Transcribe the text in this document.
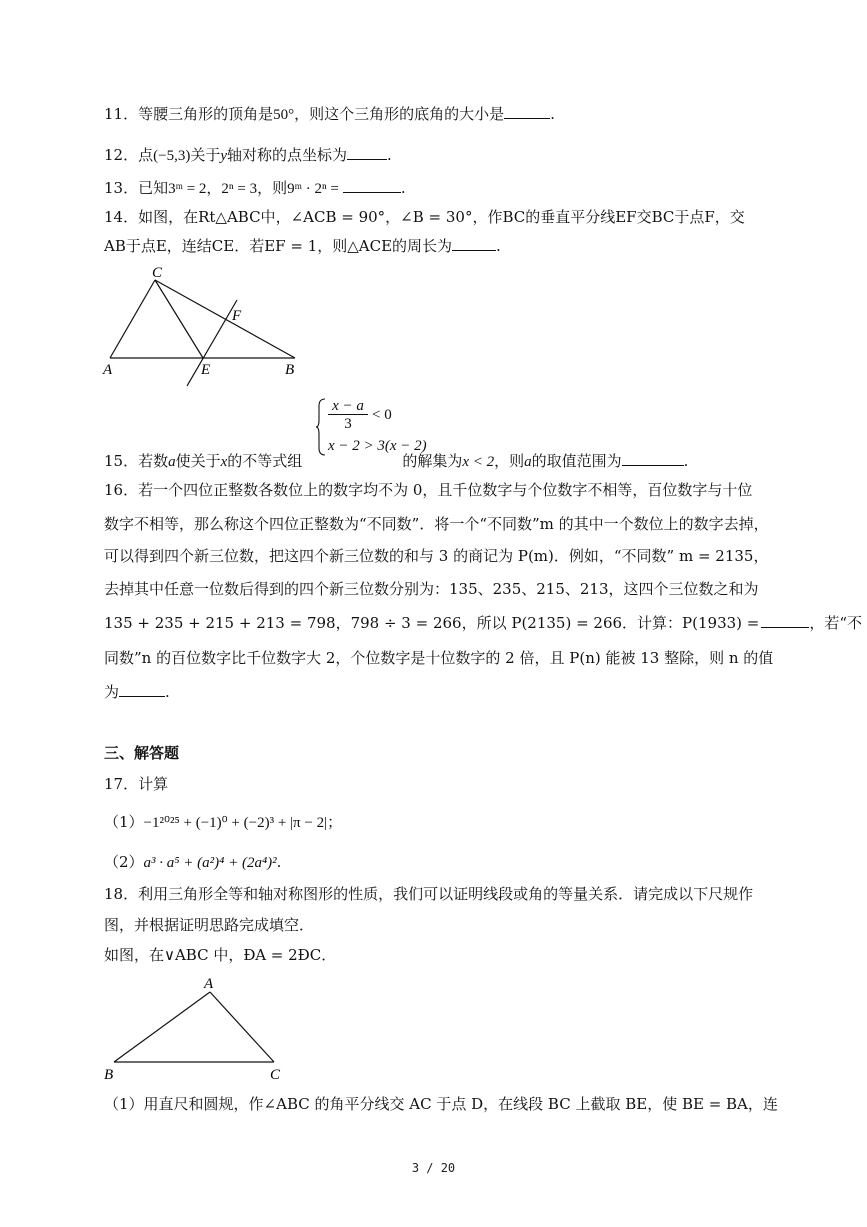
11．等腰三角形的顶角是50°，则这个三角形的底角的大小是	.
12．点(−5,3)关于y轴对称的点坐标为	.
13．已知3ᵐ = 2，2ⁿ = 3，则9ᵐ · 2ⁿ =	.
14．如图，在Rt△ABC中，∠ACB = 90°，∠B = 30°，作BC的垂直平分线EF交BC于点F，交
AB于点E，连结CE．若EF = 1，则△ACE的周长为	.
C
F
A	E	B
x − a
3
< 0
x − 2 > 3(x − 2)
15．若数a使关于x的不等式组	的解集为x < 2，则a的取值范围为	.
16．若一个四位正整数各数位上的数字均不为 0，且千位数字与个位数字不相等，百位数字与十位
数字不相等，那么称这个四位正整数为“不同数”．将一个“不同数”m 的其中一个数位上的数字去掉，
可以得到四个新三位数，把这四个新三位数的和与 3 的商记为 P(m)．例如，“不同数” m = 2135，
去掉其中任意一位数后得到的四个新三位数分别为：135、235、215、213，这四个三位数之和为
135 + 235 + 215 + 213 = 798，798 ÷ 3 = 266，所以 P(2135) = 266．计算：P(1933) =	，若“不
同数”n 的百位数字比千位数字大 2，个位数字是十位数字的 2 倍，且 P(n) 能被 13 整除，则 n 的值
为	.
三、解答题
17．计算
（1）−1²⁰²⁵ + (−1)⁰ + (−2)³ + |π − 2|；
（2）a³ · a⁵ + (a²)⁴ + (2a⁴)².
18．利用三角形全等和轴对称图形的性质，我们可以证明线段或角的等量关系．请完成以下尺规作
图，并根据证明思路完成填空．
如图，在∨ABC 中，ÐA = 2ÐC．
A
B	C
（1）用直尺和圆规，作∠ABC 的角平分线交 AC 于点 D，在线段 BC 上截取 BE，使 BE = BA，连
3 / 20
